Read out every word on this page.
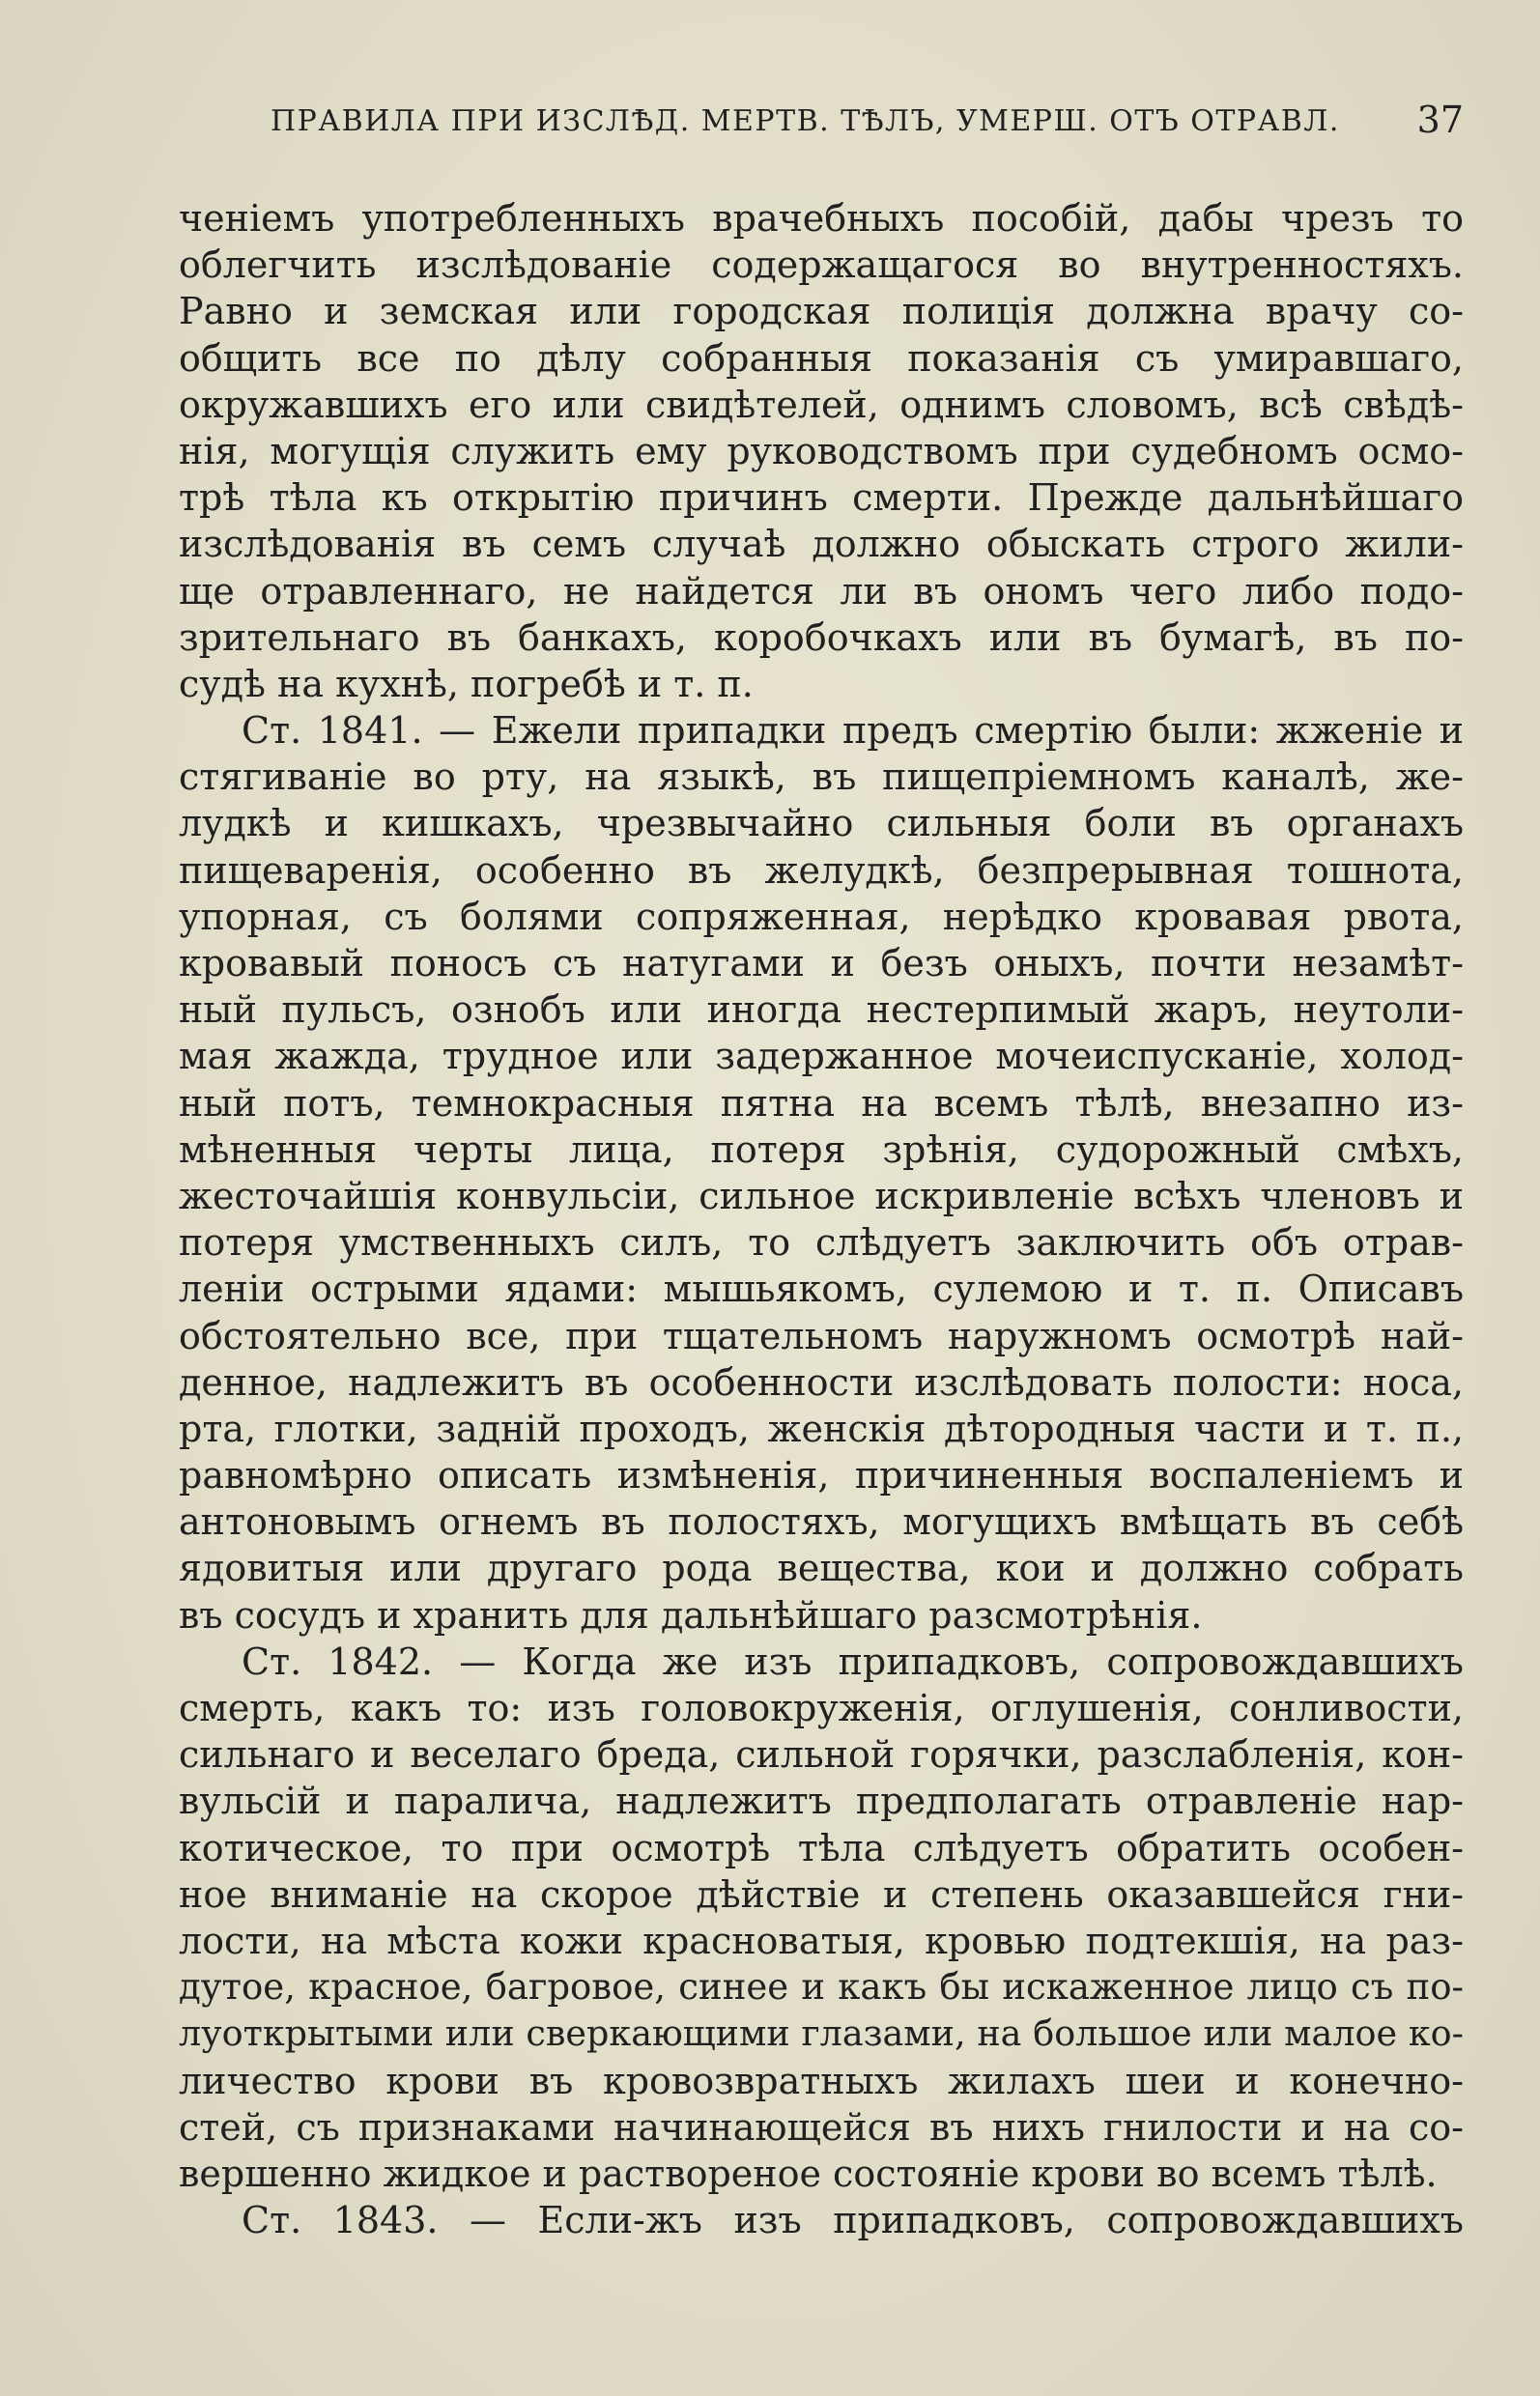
ПРАВИЛА ПРИ ИЗСЛѢД. МЕРТВ. ТѢЛЪ, УМЕРШ. ОТЪ ОТРАВЛ. 37
ченіемъ употребленныхъ врачебныхъ пособій, дабы чрезъ то
облегчить изслѣдованіе содержащагося во внутренностяхъ.
Равно и земская или городская полиція должна врачу со-
общить все по дѣлу собранныя показанія съ умиравшаго,
окружавшихъ его или свидѣтелей, однимъ словомъ, всѣ свѣдѣ-
нія, могущія служить ему руководствомъ при судебномъ осмо-
трѣ тѣла къ открытію причинъ смерти. Прежде дальнѣйшаго
изслѣдованія въ семъ случаѣ должно обыскать строго жили-
ще отравленнаго, не найдется ли въ ономъ чего либо подо-
зрительнаго въ банкахъ, коробочкахъ или въ бумагѣ, въ по-
судѣ на кухнѣ, погребѣ и т. п.
Ст. 1841. — Ежели припадки предъ смертію были: жженіе и
стягиваніе во рту, на языкѣ, въ пищепріемномъ каналѣ, же-
лудкѣ и кишкахъ, чрезвычайно сильныя боли въ органахъ
пищеваренія, особенно въ желудкѣ, безпрерывная тошнота,
упорная, съ болями сопряженная, нерѣдко кровавая рвота,
кровавый поносъ съ натугами и безъ оныхъ, почти незамѣт-
ный пульсъ, ознобъ или иногда нестерпимый жаръ, неутоли-
мая жажда, трудное или задержанное мочеиспусканіе, холод-
ный потъ, темнокрасныя пятна на всемъ тѣлѣ, внезапно из-
мѣненныя черты лица, потеря зрѣнія, судорожный смѣхъ,
жесточайшія конвульсіи, сильное искривленіе всѣхъ членовъ и
потеря умственныхъ силъ, то слѣдуетъ заключить объ отрав-
леніи острыми ядами: мышьякомъ, сулемою и т. п. Описавъ
обстоятельно все, при тщательномъ наружномъ осмотрѣ най-
денное, надлежитъ въ особенности изслѣдовать полости: носа,
рта, глотки, задній проходъ, женскія дѣтородныя части и т. п.,
равномѣрно описать измѣненія, причиненныя воспаленіемъ и
антоновымъ огнемъ въ полостяхъ, могущихъ вмѣщать въ себѣ
ядовитыя или другаго рода вещества, кои и должно собрать
въ сосудъ и хранить для дальнѣйшаго разсмотрѣнія.
Ст. 1842. — Когда же изъ припадковъ, сопровождавшихъ
смерть, какъ то: изъ головокруженія, оглушенія, сонливости,
сильнаго и веселаго бреда, сильной горячки, разслабленія, кон-
вульсій и паралича, надлежитъ предполагать отравленіе нар-
котическое, то при осмотрѣ тѣла слѣдуетъ обратить особен-
ное вниманіе на скорое дѣйствіе и степень оказавшейся гни-
лости, на мѣста кожи красноватыя, кровью подтекшія, на раз-
дутое, красное, багровое, синее и какъ бы искаженное лицо съ по-
луоткрытыми или сверкающими глазами, на большое или малое ко-
личество крови въ кровозвратныхъ жилахъ шеи и конечно-
стей, съ признаками начинающейся въ нихъ гнилости и на со-
вершенно жидкое и раствореное состояніе крови во всемъ тѣлѣ.
Ст. 1843. — Если-жъ изъ припадковъ, сопровождавшихъ
